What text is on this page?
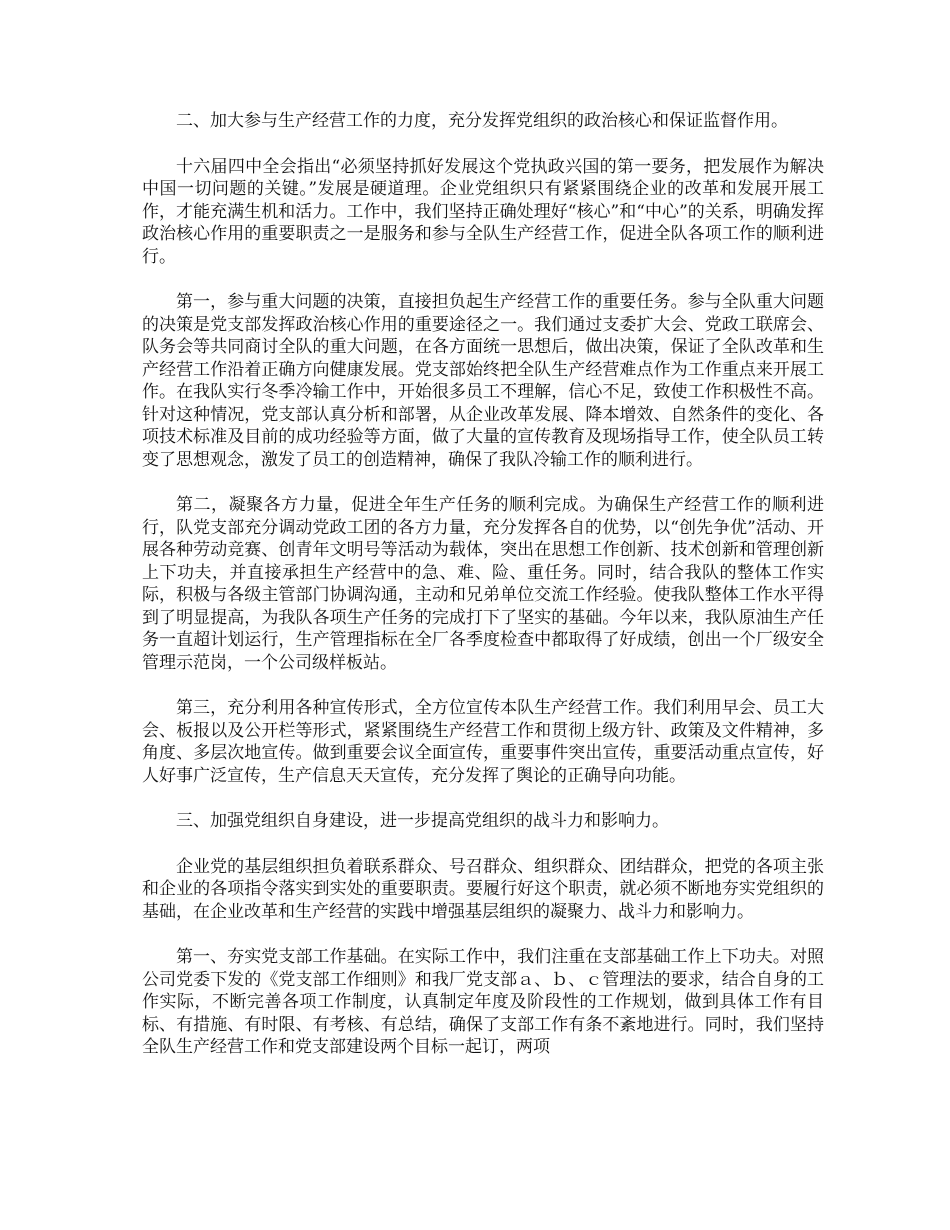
二、加大参与生产经营工作的力度，充分发挥党组织的政治核心和保证监督作用。

十六届四中全会指出“必须坚持抓好发展这个党执政兴国的第一要务，把发展作为解决中国一切问题的关键。”发展是硬道理。企业党组织只有紧紧围绕企业的改革和发展开展工作，才能充满生机和活力。工作中，我们坚持正确处理好“核心”和“中心”的关系，明确发挥政治核心作用的重要职责之一是服务和参与全队生产经营工作，促进全队各项工作的顺利进行。

第一，参与重大问题的决策，直接担负起生产经营工作的重要任务。参与全队重大问题的决策是党支部发挥政治核心作用的重要途径之一。我们通过支委扩大会、党政工联席会、队务会等共同商讨全队的重大问题，在各方面统一思想后，做出决策，保证了全队改革和生产经营工作沿着正确方向健康发展。党支部始终把全队生产经营难点作为工作重点来开展工作。在我队实行冬季冷输工作中，开始很多员工不理解，信心不足，致使工作积极性不高。针对这种情况，党支部认真分析和部署，从企业改革发展、降本增效、自然条件的变化、各项技术标准及目前的成功经验等方面，做了大量的宣传教育及现场指导工作，使全队员工转变了思想观念，激发了员工的创造精神，确保了我队冷输工作的顺利进行。

第二，凝聚各方力量，促进全年生产任务的顺利完成。为确保生产经营工作的顺利进行，队党支部充分调动党政工团的各方力量，充分发挥各自的优势，以“创先争优”活动、开展各种劳动竞赛、创青年文明号等活动为载体，突出在思想工作创新、技术创新和管理创新上下功夫，并直接承担生产经营中的急、难、险、重任务。同时，结合我队的整体工作实际，积极与各级主管部门协调沟通，主动和兄弟单位交流工作经验。使我队整体工作水平得到了明显提高，为我队各项生产任务的完成打下了坚实的基础。今年以来，我队原油生产任务一直超计划运行，生产管理指标在全厂各季度检查中都取得了好成绩，创出一个厂级安全管理示范岗，一个公司级样板站。

第三，充分利用各种宣传形式，全方位宣传本队生产经营工作。我们利用早会、员工大会、板报以及公开栏等形式，紧紧围绕生产经营工作和贯彻上级方针、政策及文件精神，多角度、多层次地宣传。做到重要会议全面宣传，重要事件突出宣传，重要活动重点宣传，好人好事广泛宣传，生产信息天天宣传，充分发挥了舆论的正确导向功能。

三、加强党组织自身建设，进一步提高党组织的战斗力和影响力。

企业党的基层组织担负着联系群众、号召群众、组织群众、团结群众，把党的各项主张和企业的各项指令落实到实处的重要职责。要履行好这个职责，就必须不断地夯实党组织的基础，在企业改革和生产经营的实践中增强基层组织的凝聚力、战斗力和影响力。

第一、夯实党支部工作基础。在实际工作中，我们注重在支部基础工作上下功夫。对照公司党委下发的《党支部工作细则》和我厂党支部ａ、ｂ、ｃ管理法的要求，结合自身的工作实际，不断完善各项工作制度，认真制定年度及阶段性的工作规划，做到具体工作有目标、有措施、有时限、有考核、有总结，确保了支部工作有条不紊地进行。同时，我们坚持全队生产经营工作和党支部建设两个目标一起订，两项
